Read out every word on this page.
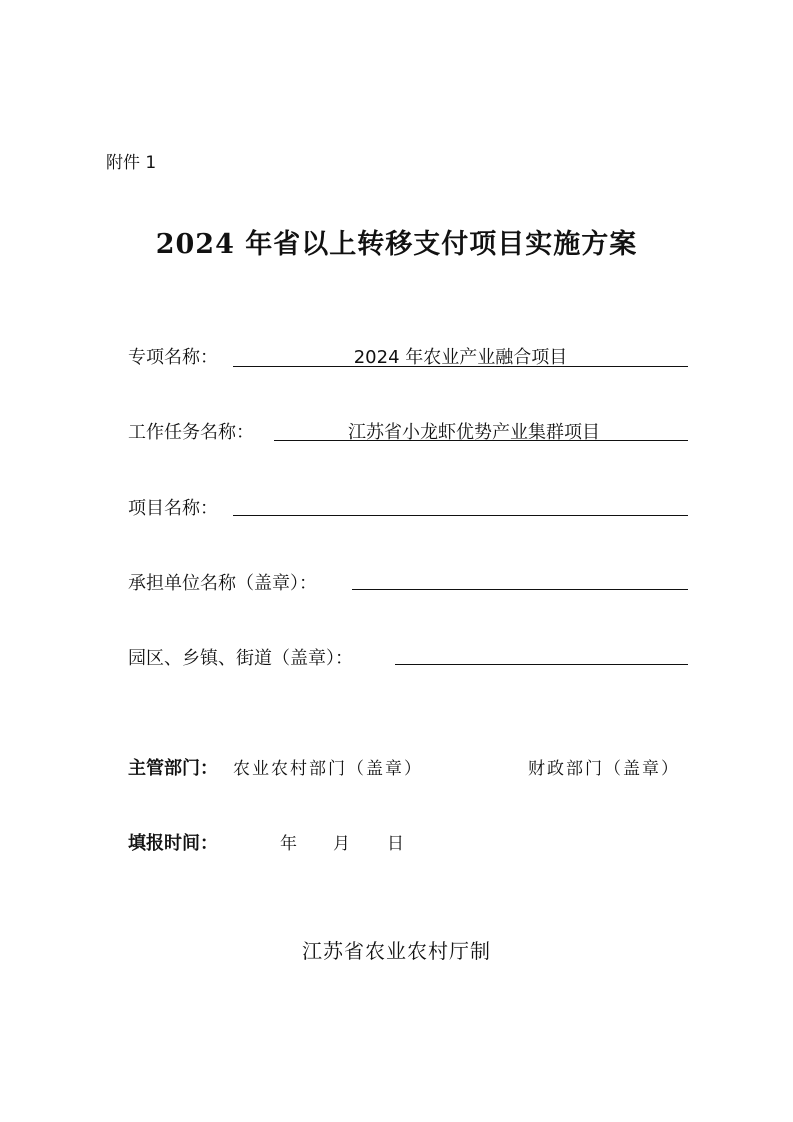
附件 1
2024 年省以上转移支付项目实施方案
专项名称：	2024 年农业产业融合项目
工作任务名称：	江苏省小龙虾优势产业集群项目
项目名称：
承担单位名称（盖章）：
园区、乡镇、街道（盖章）：
主管部门： 农业农村部门（盖章）	财政部门（盖章）
填报时间：	年 月 日
江苏省农业农村厅制
